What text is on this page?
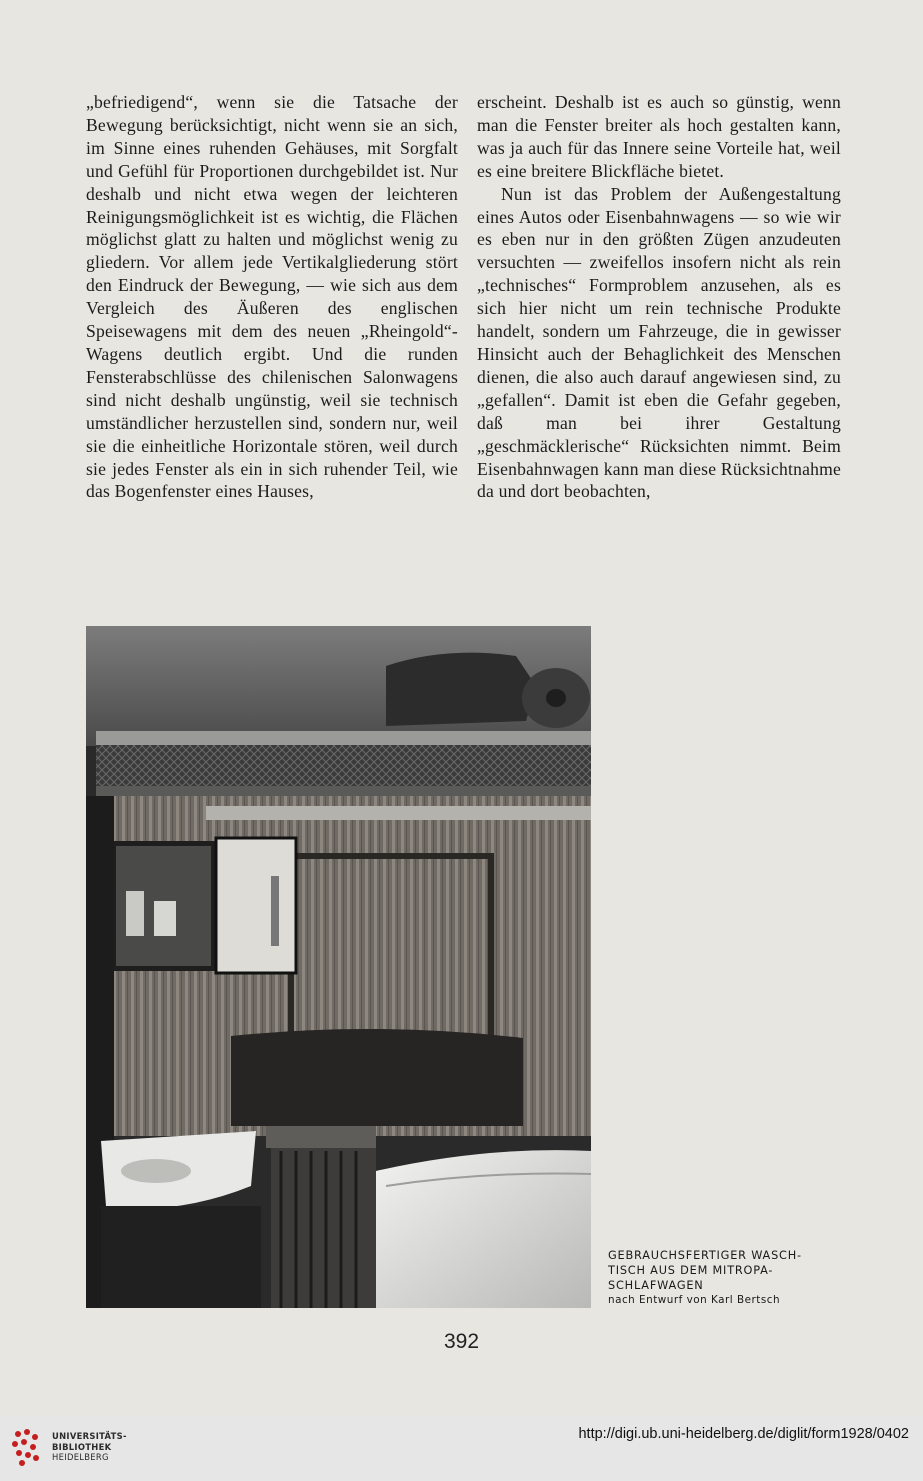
„befriedigend“, wenn sie die Tatsache der Bewegung berücksichtigt, nicht wenn sie an sich, im Sinne eines ruhenden Gehäuses, mit Sorgfalt und Gefühl für Proportionen durchgebildet ist. Nur deshalb und nicht etwa wegen der leichteren Reinigungsmöglichkeit ist es wichtig, die Flächen möglichst glatt zu halten und möglichst wenig zu gliedern. Vor allem jede Vertikalgliederung stört den Eindruck der Bewegung, — wie sich aus dem Vergleich des Äußeren des englischen Speisewagens mit dem des neuen „Rheingold“-Wagens deutlich ergibt. Und die runden Fensterabschlüsse des chilenischen Salonwagens sind nicht deshalb ungünstig, weil sie technisch umständlicher herzustellen sind, sondern nur, weil sie die einheitliche Horizontale stören, weil durch sie jedes Fenster als ein in sich ruhender Teil, wie das Bogenfenster eines Hauses,

erscheint. Deshalb ist es auch so günstig, wenn man die Fenster breiter als hoch gestalten kann, was ja auch für das Innere seine Vorteile hat, weil es eine breitere Blickfläche bietet.

Nun ist das Problem der Außengestaltung eines Autos oder Eisenbahnwagens — so wie wir es eben nur in den größten Zügen anzudeuten versuchten — zweifellos insofern nicht als rein „technisches“ Formproblem anzusehen, als es sich hier nicht um rein technische Produkte handelt, sondern um Fahrzeuge, die in gewisser Hinsicht auch der Behaglichkeit des Menschen dienen, die also auch darauf angewiesen sind, zu „gefallen“. Damit ist eben die Gefahr gegeben, daß man bei ihrer Gestaltung „geschmäcklerische“ Rücksichten nimmt. Beim Eisenbahnwagen kann man diese Rücksichtnahme da und dort beobachten,

GEBRAUCHSFERTIGER WASCH-
TISCH AUS DEM MITROPA-
SCHLAFWAGEN
nach Entwurf von Karl Bertsch
392
UNIVERSITÄTS-
BIBLIOTHEK
HEIDELBERG
http://digi.ub.uni-heidelberg.de/diglit/form1928/0402
